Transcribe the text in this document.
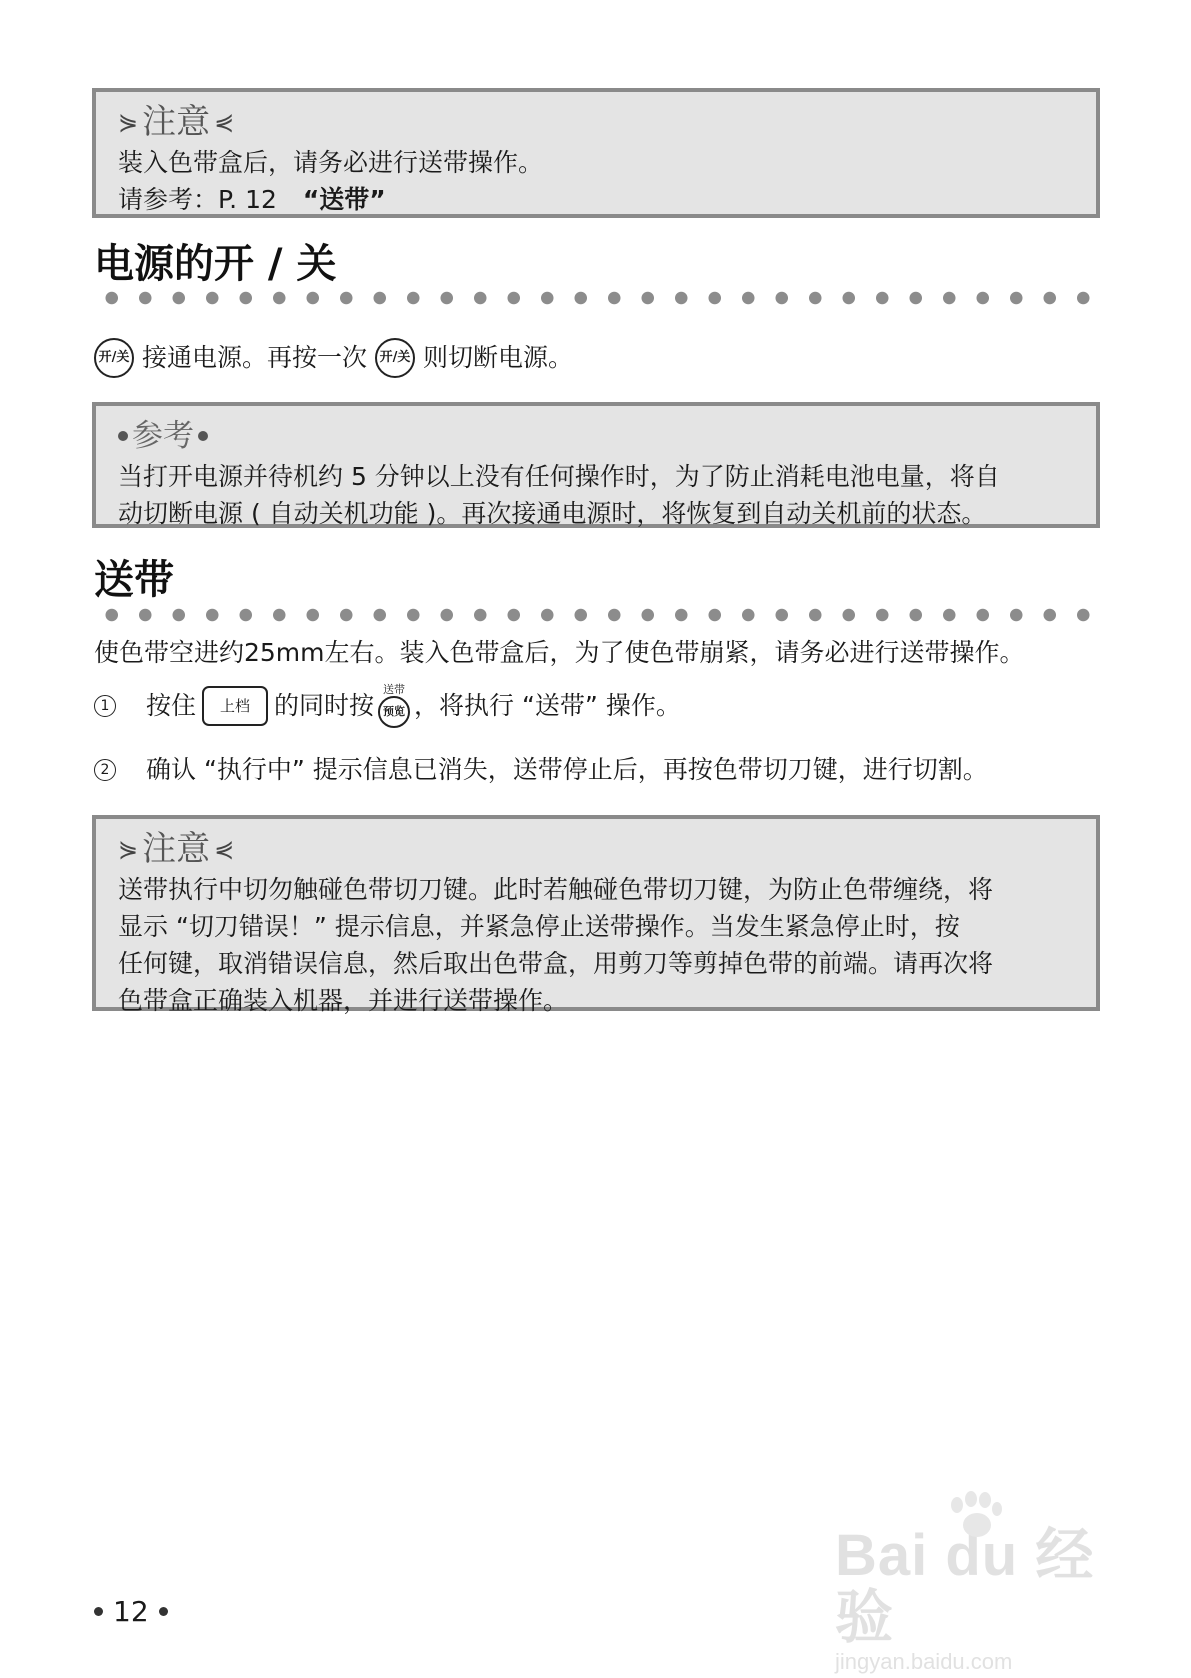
⋟ 注意 ⋞
装入色带盒后，请务必进行送带操作。
请参考：P. 12 “送带”
电源的开 / 关
开/关 接通电源。再按一次 开/关 则切断电源。
参考
当打开电源并待机约 5 分钟以上没有任何操作时，为了防止消耗电池电量，将自
动切断电源 ( 自动关机功能 )。再次接通电源时，将恢复到自动关机前的状态。
送带
使色带空进约25mm左右。装入色带盒后，为了使色带崩紧，请务必进行送带操作。
1 按住	上档 的同时按
送带
预览 ，将执行 “送带” 操作。
2 确认 “执行中” 提示信息已消失，送带停止后，再按色带切刀键，进行切割。
⋟ 注意 ⋞
送带执行中切勿触碰色带切刀键。此时若触碰色带切刀键，为防止色带缠绕，将
显示 “切刀错误！” 提示信息，并紧急停止送带操作。当发生紧急停止时，按
任何键，取消错误信息，然后取出色带盒，用剪刀等剪掉色带的前端。请再次将
色带盒正确装入机器，并进行送带操作。
12
Bai du 经验
jingyan.baidu.com
